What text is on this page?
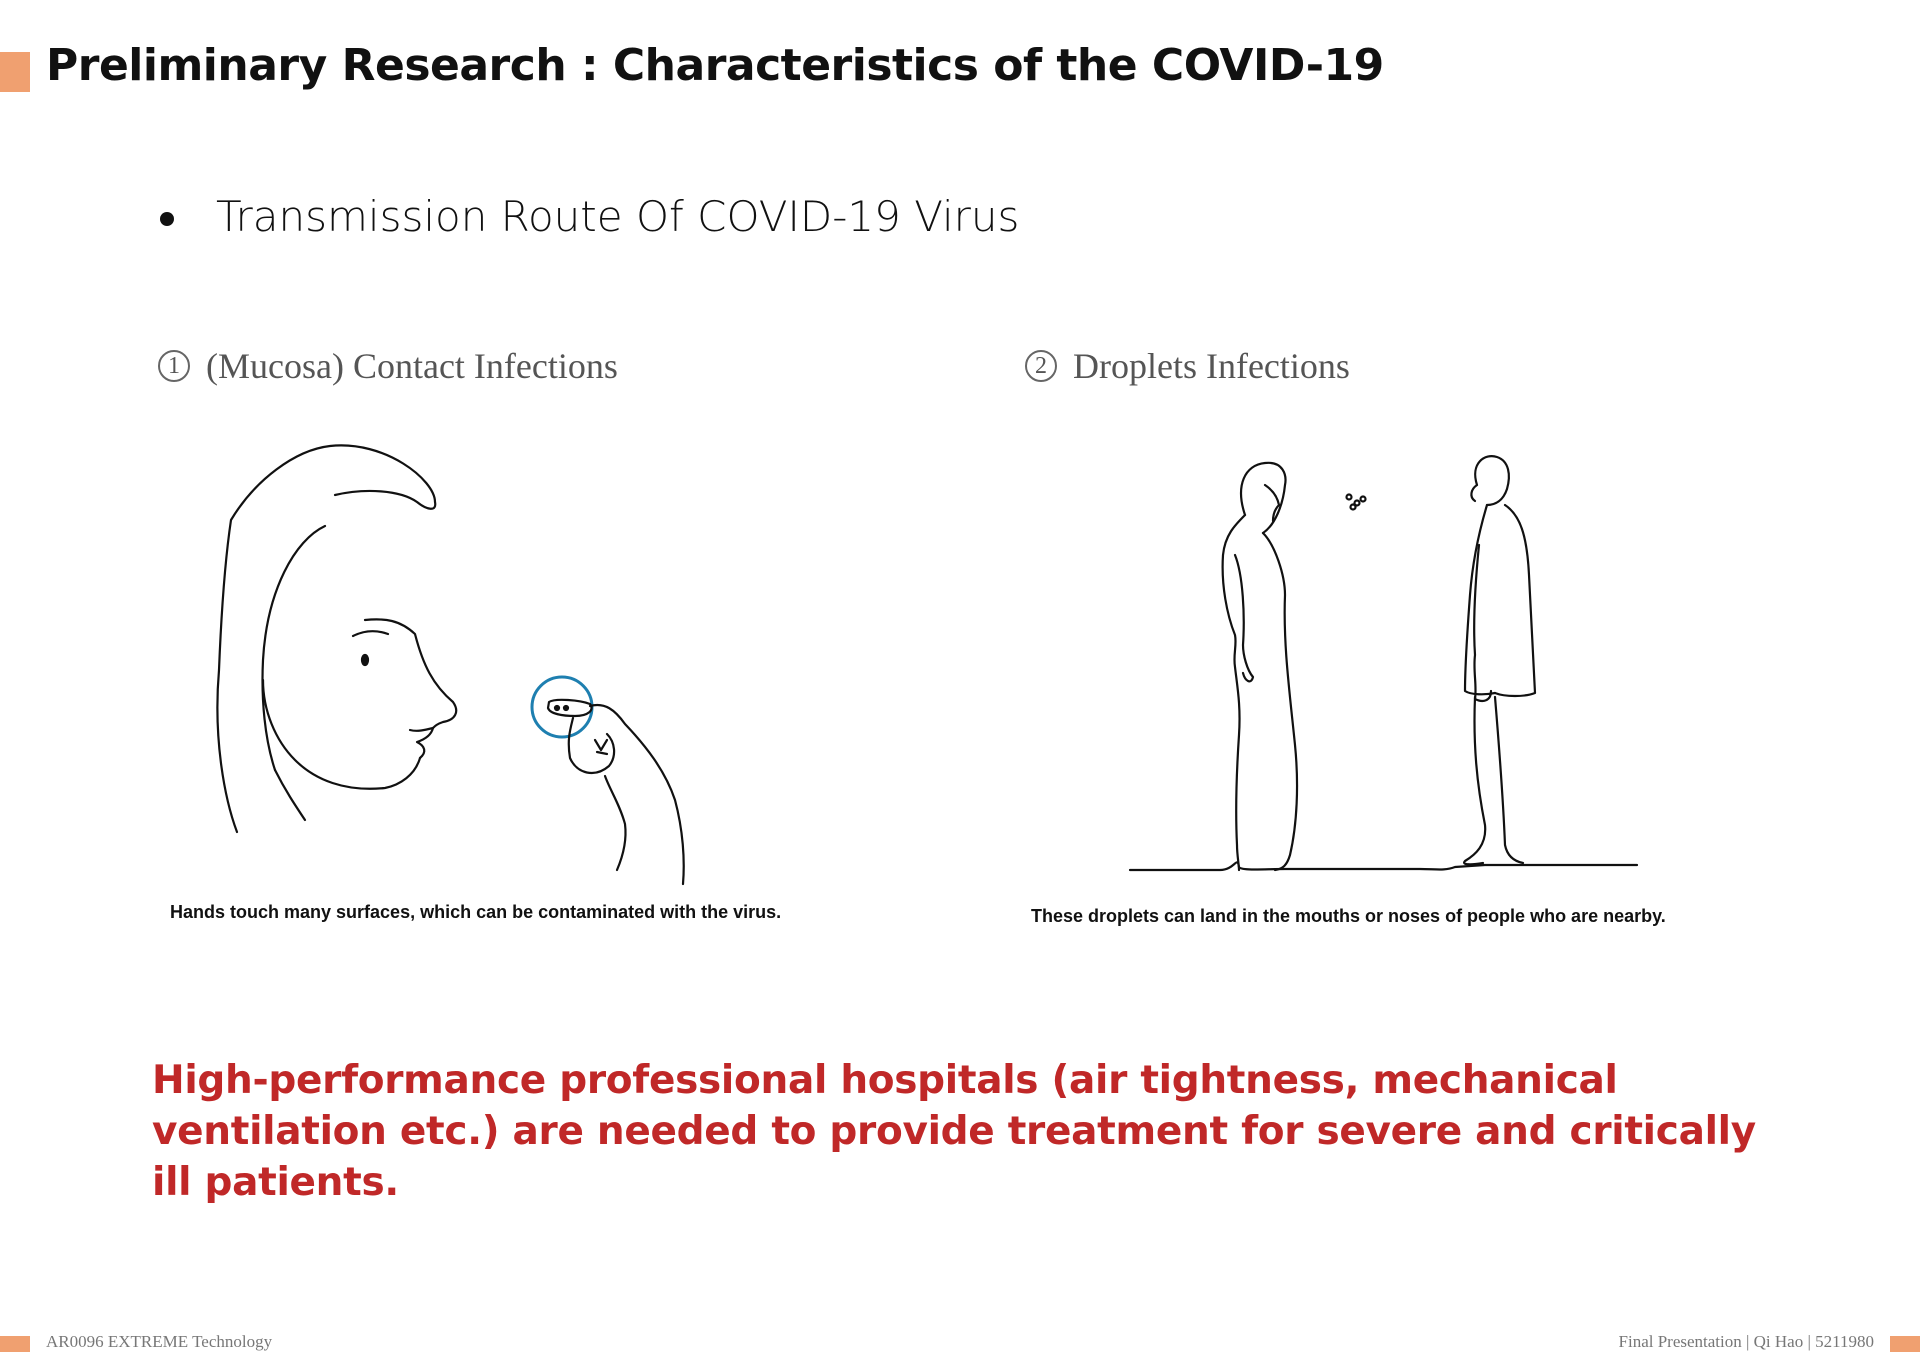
Preliminary Research : Characteristics of the COVID-19
Transmission Route Of COVID-19 Virus
1 (Mucosa) Contact Infections	2 Droplets Infections
Hands touch many surfaces, which can be contaminated with the virus.	These droplets can land in the mouths or noses of people who are nearby.

High-performance professional hospitals (air tightness, mechanical ventilation etc.) are needed to provide treatment for severe and critically ill patients.

AR0096 EXTREME Technology	Final Presentation | Qi Hao | 5211980
